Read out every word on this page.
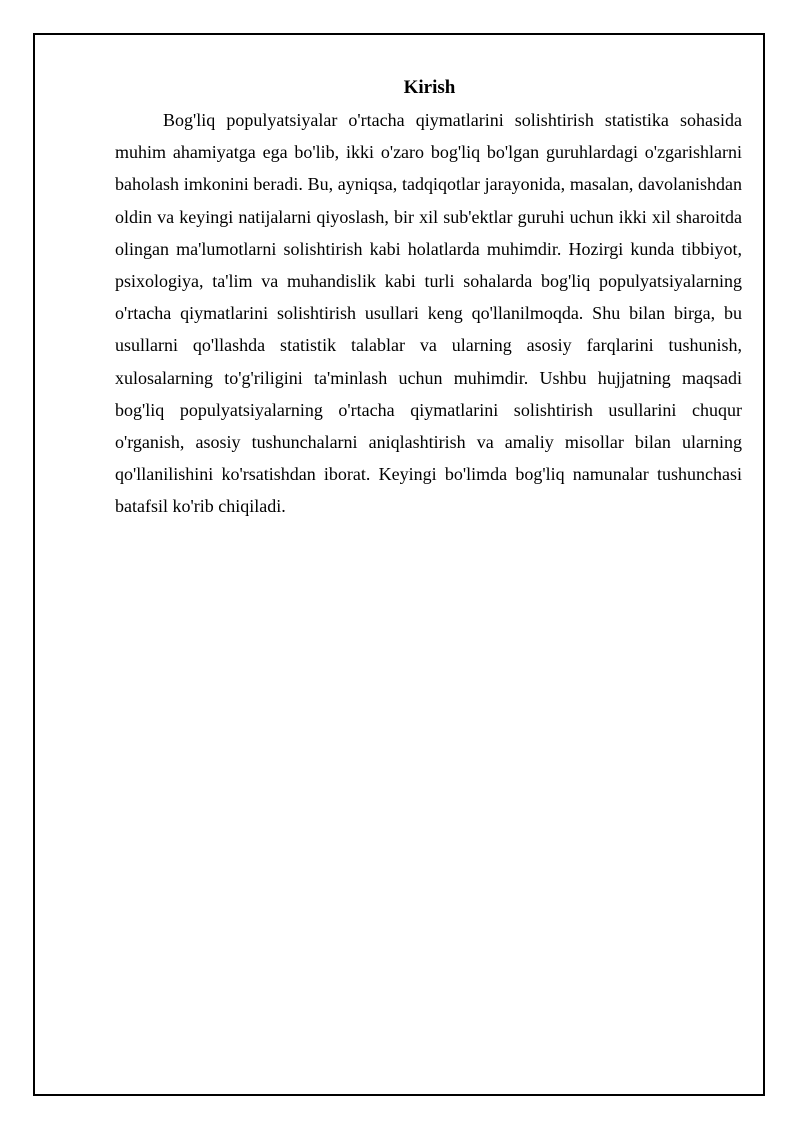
Kirish

Bog'liq populyatsiyalar o'rtacha qiymatlarini solishtirish statistika sohasida muhim ahamiyatga ega bo'lib, ikki o'zaro bog'liq bo'lgan guruhlardagi o'zgarishlarni baholash imkonini beradi. Bu, ayniqsa, tadqiqotlar jarayonida, masalan, davolanishdan oldin va keyingi natijalarni qiyoslash, bir xil sub'ektlar guruhi uchun ikki xil sharoitda olingan ma'lumotlarni solishtirish kabi holatlarda muhimdir. Hozirgi kunda tibbiyot, psixologiya, ta'lim va muhandislik kabi turli sohalarda bog'liq populyatsiyalarning o'rtacha qiymatlarini solishtirish usullari keng qo'llanilmoqda. Shu bilan birga, bu usullarni qo'llashda statistik talablar va ularning asosiy farqlarini tushunish, xulosalarning to'g'riligini ta'minlash uchun muhimdir. Ushbu hujjatning maqsadi bog'liq populyatsiyalarning o'rtacha qiymatlarini solishtirish usullarini chuqur o'rganish, asosiy tushunchalarni aniqlashtirish va amaliy misollar bilan ularning qo'llanilishini ko'rsatishdan iborat. Keyingi bo'limda bog'liq namunalar tushunchasi batafsil ko'rib chiqiladi.
